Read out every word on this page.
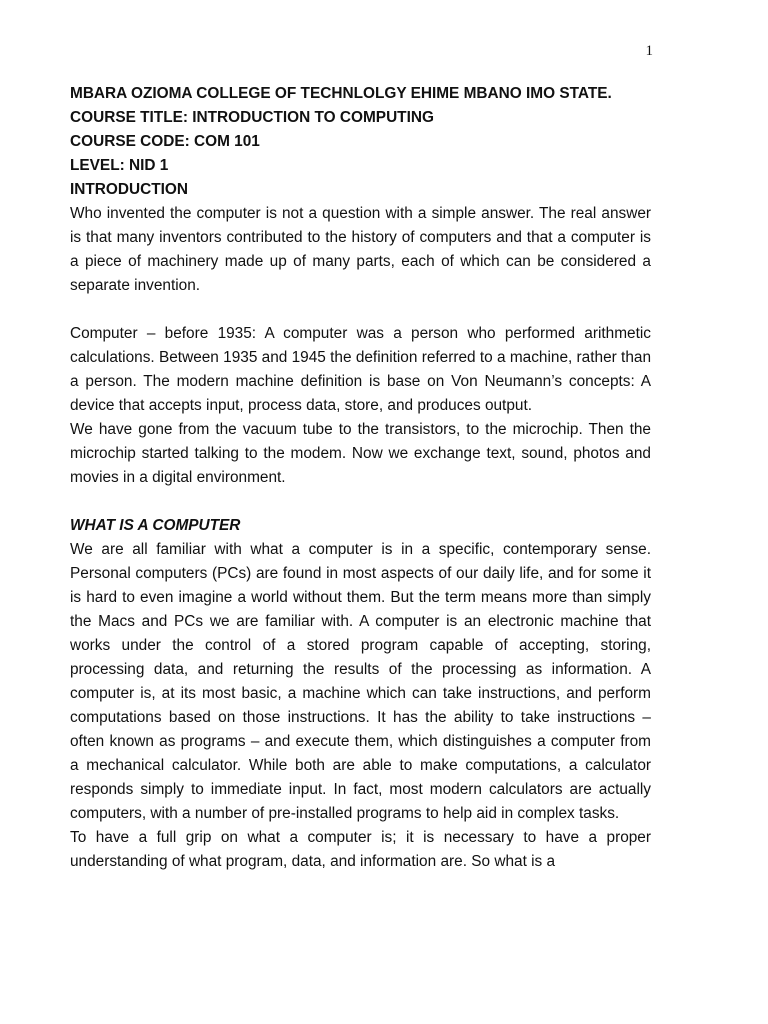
1

MBARA OZIOMA COLLEGE OF TECHNLOLGY EHIME MBANO IMO STATE.

COURSE TITLE: INTRODUCTION TO COMPUTING

COURSE CODE: COM 101

LEVEL: NID 1

INTRODUCTION

Who invented the computer is not a question with a simple answer. The real answer is that many inventors contributed to the history of computers and that a computer is a piece of machinery made up of many parts, each of which can be considered a separate invention.

Computer – before 1935: A computer was a person who performed arithmetic calculations. Between 1935 and 1945 the definition referred to a machine, rather than a person. The modern machine definition is base on Von Neumann’s concepts: A device that accepts input, process data, store, and produces output.

We have gone from the vacuum tube to the transistors, to the microchip. Then the microchip started talking to the modem. Now we exchange text, sound, photos and movies in a digital environment.

WHAT IS A COMPUTER

We are all familiar with what a computer is in a specific, contemporary sense. Personal computers (PCs) are found in most aspects of our daily life, and for some it is hard to even imagine a world without them. But the term means more than simply the Macs and PCs we are familiar with. A computer is an electronic machine that works under the control of a stored program capable of accepting, storing, processing data, and returning the results of the processing as information. A computer is, at its most basic, a machine which can take instructions, and perform computations based on those instructions. It has the ability to take instructions – often known as programs – and execute them, which distinguishes a computer from a mechanical calculator. While both are able to make computations, a calculator responds simply to immediate input. In fact, most modern calculators are actually computers, with a number of pre-installed programs to help aid in complex tasks.

To have a full grip on what a computer is; it is necessary to have a proper understanding of what program, data, and information are. So what is a
